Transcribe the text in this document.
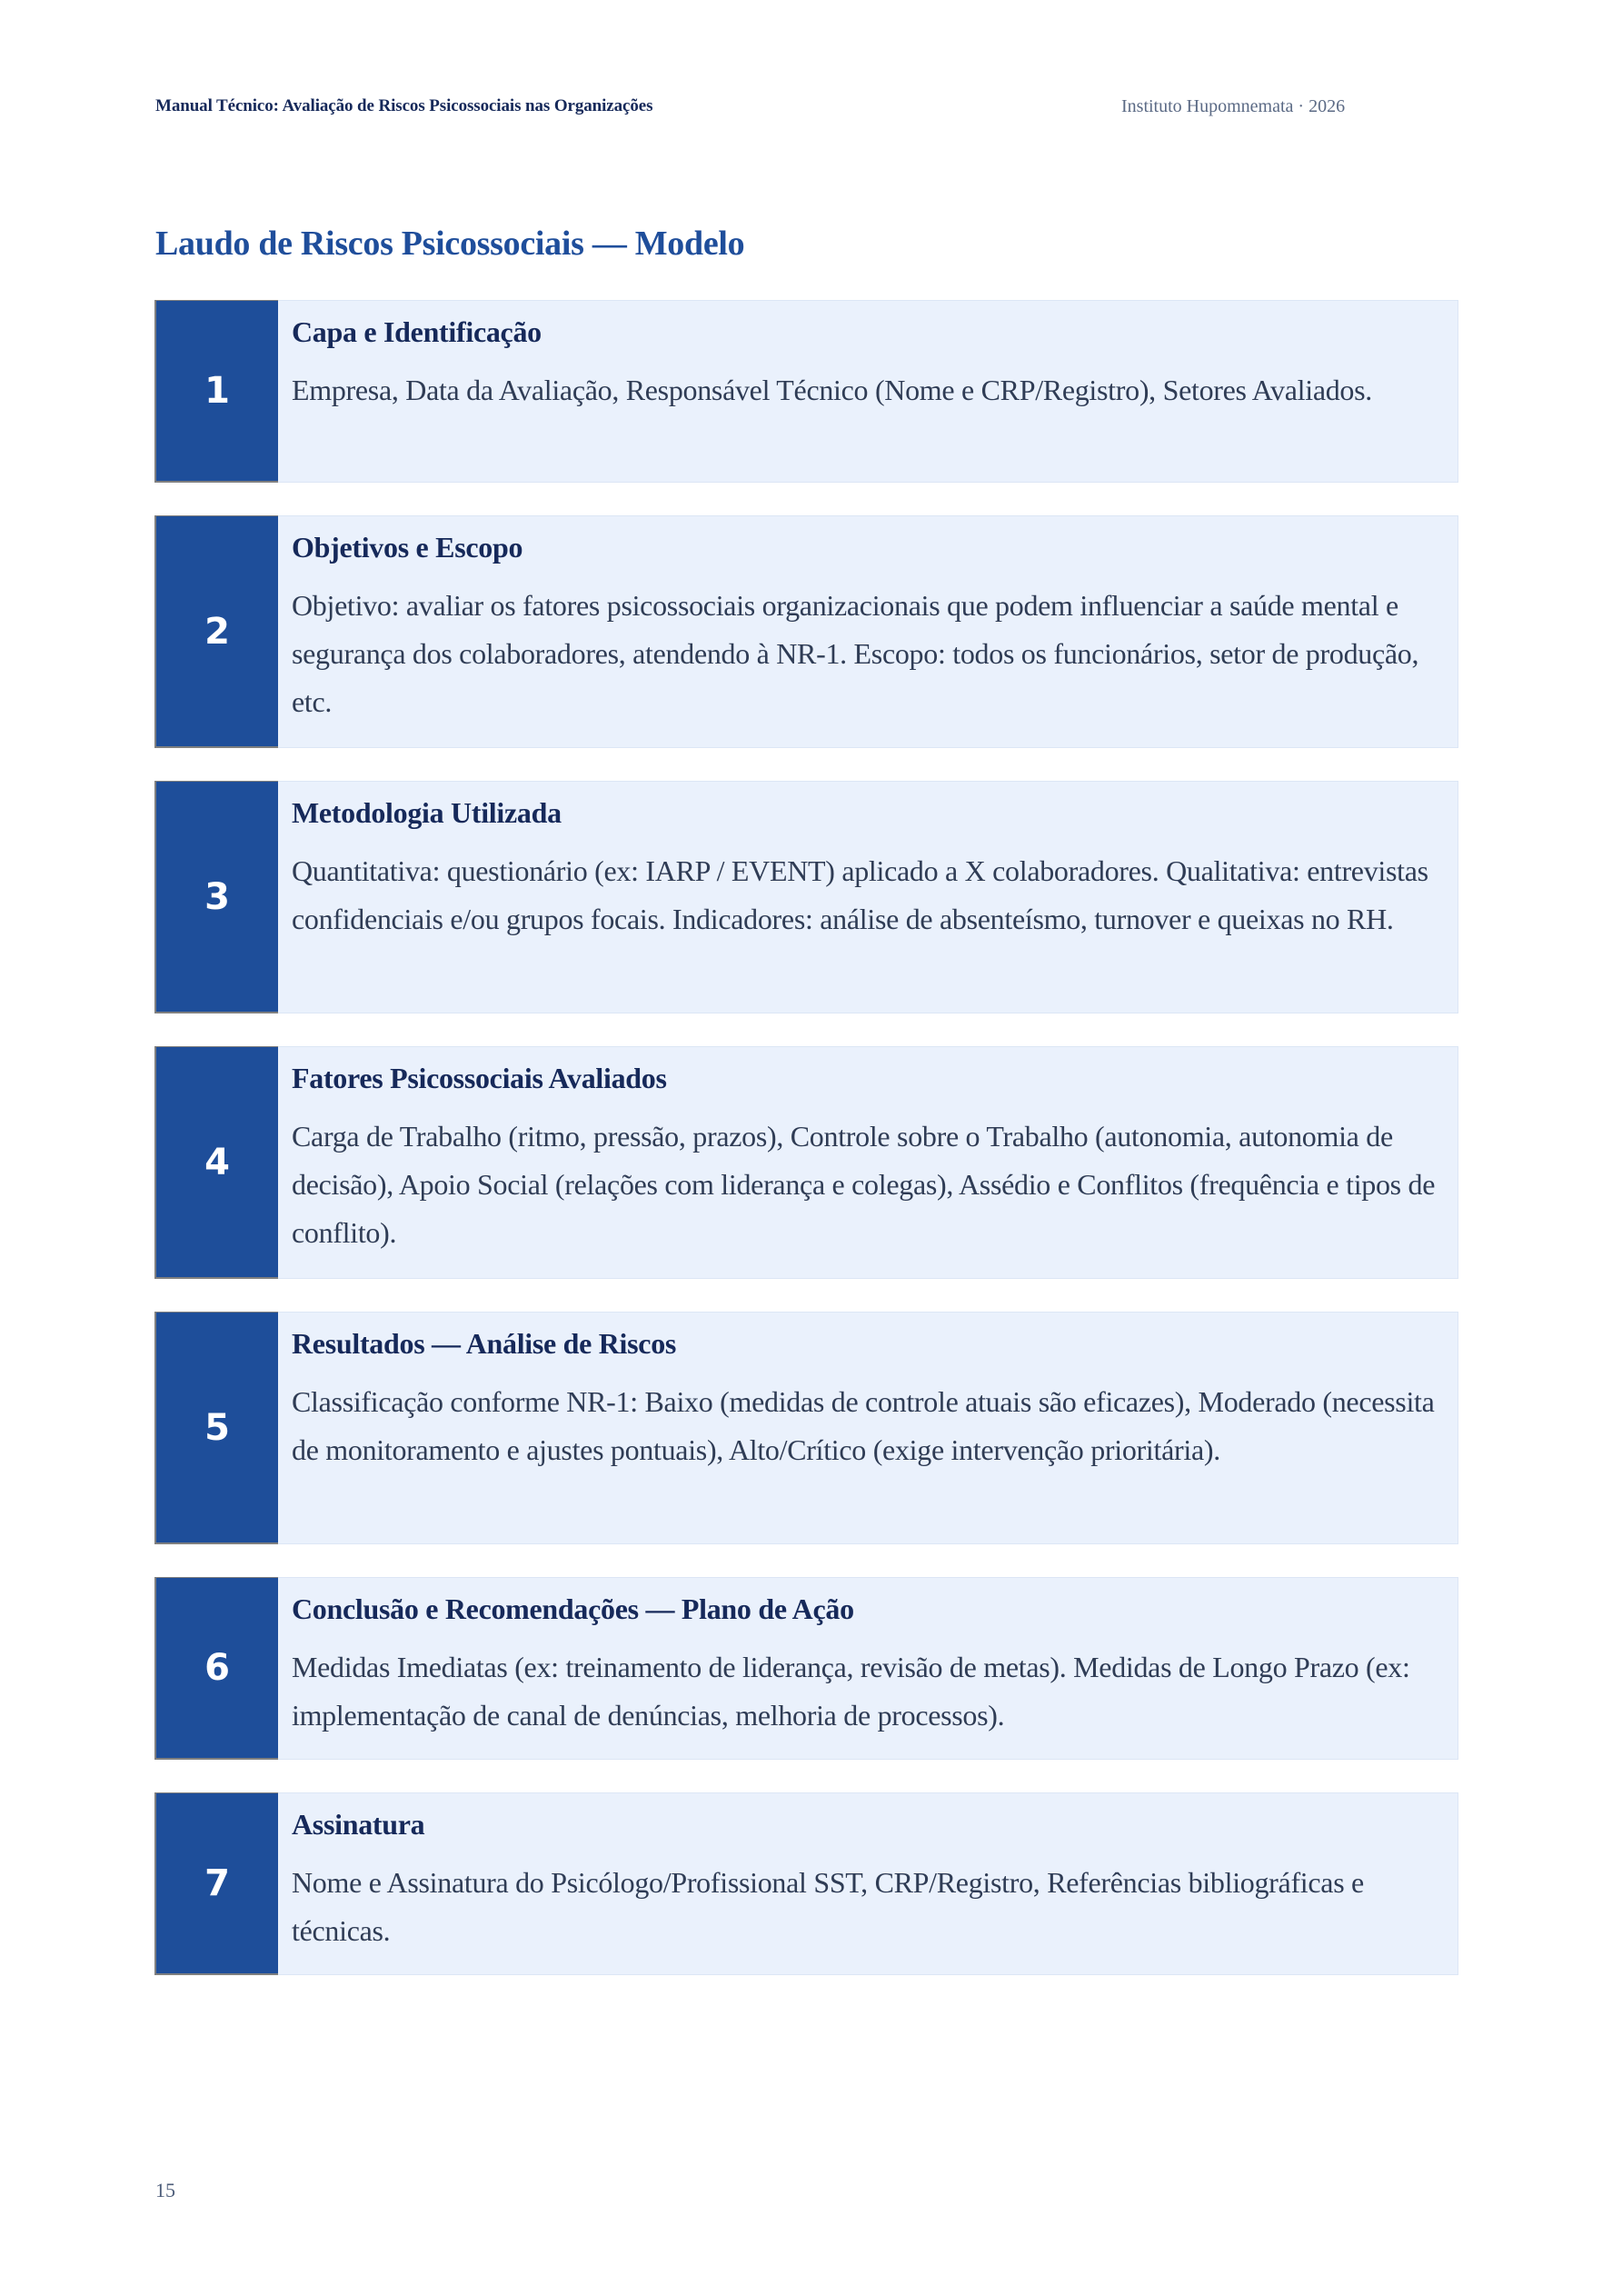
Manual Técnico: Avaliação de Riscos Psicossociais nas Organizações	Instituto Hupomnemata · 2026
Laudo de Riscos Psicossociais — Modelo
1
Capa e Identificação
Empresa, Data da Avaliação, Responsável Técnico (Nome e CRP/Registro), Setores Avaliados.
2
Objetivos e Escopo
Objetivo: avaliar os fatores psicossociais organizacionais que podem influenciar a saúde mental e segurança dos colaboradores, atendendo à NR-1. Escopo: todos os funcionários, setor de produção, etc.
3
Metodologia Utilizada
Quantitativa: questionário (ex: IARP / EVENT) aplicado a X colaboradores. Qualitativa: entrevistas confidenciais e/ou grupos focais. Indicadores: análise de absenteísmo, turnover e queixas no RH.
4
Fatores Psicossociais Avaliados
Carga de Trabalho (ritmo, pressão, prazos), Controle sobre o Trabalho (autonomia, autonomia de decisão), Apoio Social (relações com liderança e colegas), Assédio e Conflitos (frequência e tipos de conflito).
5
Resultados — Análise de Riscos
Classificação conforme NR-1: Baixo (medidas de controle atuais são eficazes), Moderado (necessita de monitoramento e ajustes pontuais), Alto/Crítico (exige intervenção prioritária).
6
Conclusão e Recomendações — Plano de Ação
Medidas Imediatas (ex: treinamento de liderança, revisão de metas). Medidas de Longo Prazo (ex: implementação de canal de denúncias, melhoria de processos).
7
Assinatura
Nome e Assinatura do Psicólogo/Profissional SST, CRP/Registro, Referências bibliográficas e técnicas.
15
